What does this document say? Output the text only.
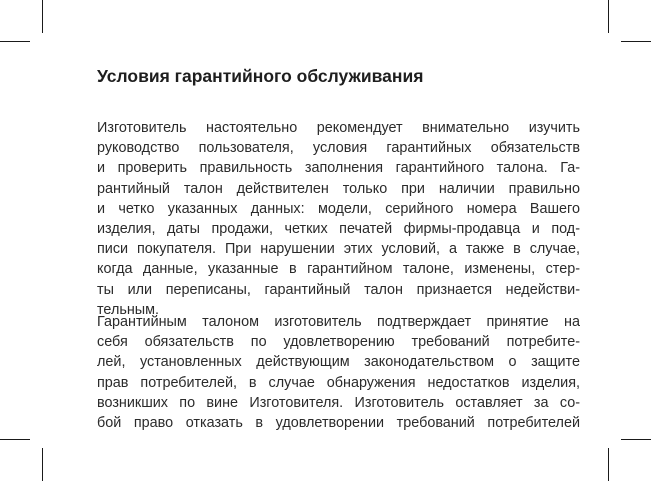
Условия гарантийного обслуживания
Изготовитель настоятельно рекомендует внимательно изучить
руководство пользователя, условия гарантийных обязательств
и проверить правильность заполнения гарантийного талона. Га-
рантийный талон действителен только при наличии правильно
и четко указанных данных: модели, серийного номера Вашего
изделия, даты продажи, четких печатей фирмы-продавца и под-
писи покупателя. При нарушении этих условий, а также в случае,
когда данные, указанные в гарантийном талоне, изменены, стер-
ты или переписаны, гарантийный талон признается недействи-
тельным.
Гарантийным талоном изготовитель подтверждает принятие на
себя обязательств по удовлетворению требований потребите-
лей, установленных действующим законодательством о защите
прав потребителей, в случае обнаружения недостатков изделия,
возникших по вине Изготовителя. Изготовитель оставляет за со-
бой право отказать в удовлетворении требований потребителей
